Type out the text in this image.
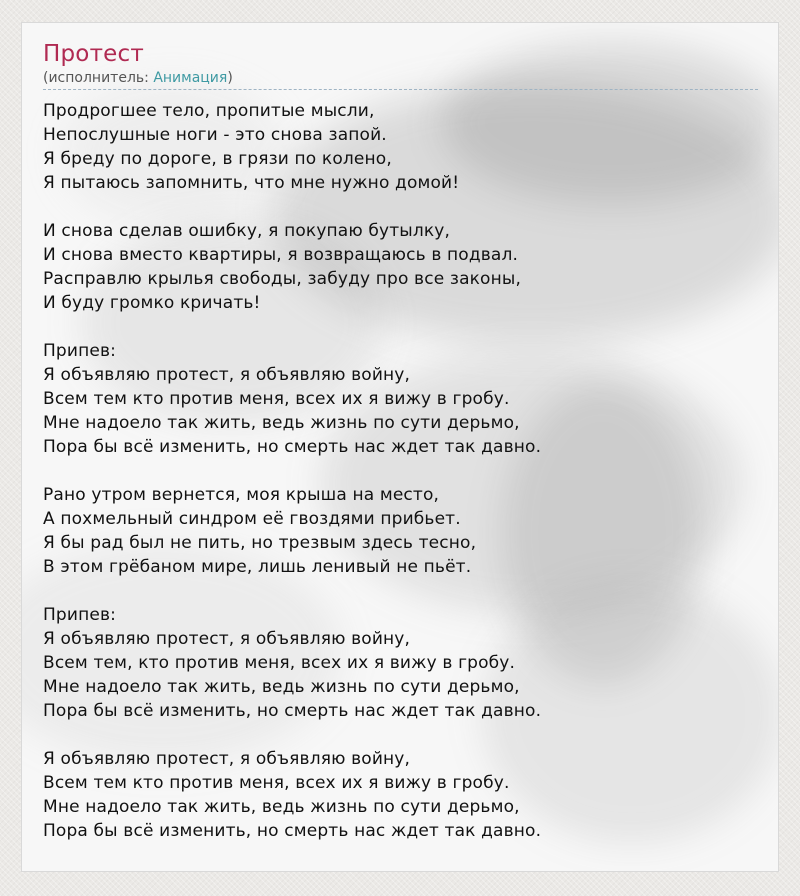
Протест
(исполнитель: Анимация)
Продрогшее тело, пропитые мысли,
Непослушные ноги - это снова запой.
Я бреду по дороге, в грязи по колено,
Я пытаюсь запомнить, что мне нужно домой!
И снова сделав ошибку, я покупаю бутылку,
И снова вместо квартиры, я возвращаюсь в подвал.
Расправлю крылья свободы, забуду про все законы,
И буду громко кричать!
Припев:
Я объявляю протест, я объявляю войну,
Всем тем кто против меня, всех их я вижу в гробу.
Мне надоело так жить, ведь жизнь по сути дерьмо,
Пора бы всё изменить, но смерть нас ждет так давно.
Рано утром вернется, моя крыша на место,
А похмельный синдром её гвоздями прибьет.
Я бы рад был не пить, но трезвым здесь тесно,
В этом грёбаном мире, лишь ленивый не пьёт.
Припев:
Я объявляю протест, я объявляю войну,
Всем тем, кто против меня, всех их я вижу в гробу.
Мне надоело так жить, ведь жизнь по сути дерьмо,
Пора бы всё изменить, но смерть нас ждет так давно.
Я объявляю протест, я объявляю войну,
Всем тем кто против меня, всех их я вижу в гробу.
Мне надоело так жить, ведь жизнь по сути дерьмо,
Пора бы всё изменить, но смерть нас ждет так давно.
